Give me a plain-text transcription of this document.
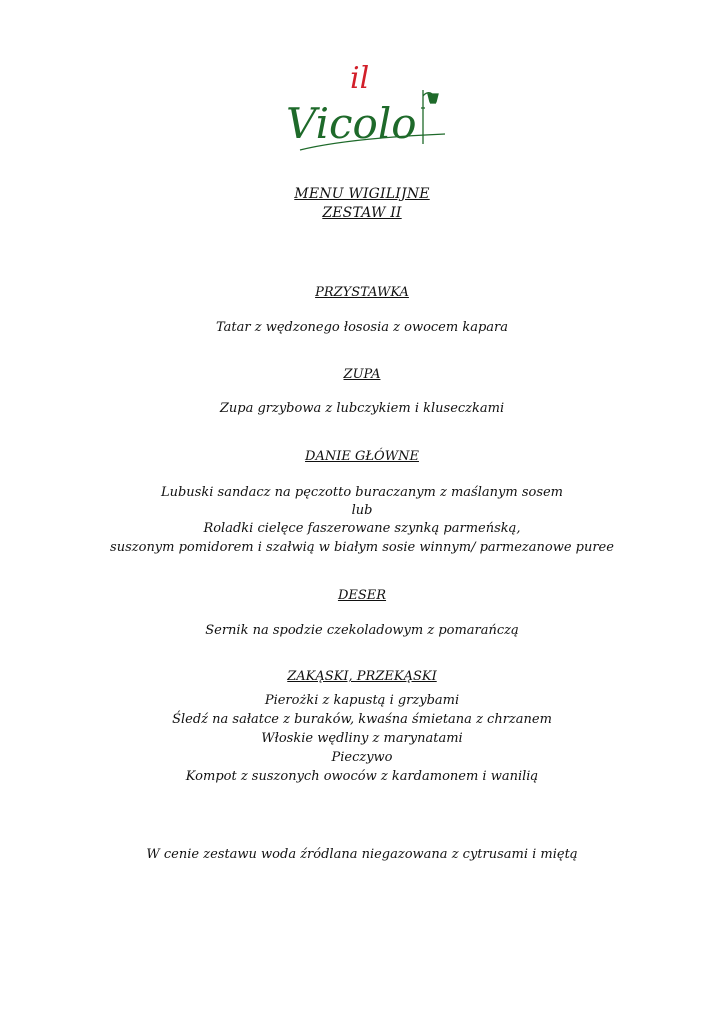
il
Vicolo
MENU WIGILIJNE
ZESTAW II
PRZYSTAWKA
Tatar z wędzonego łososia z owocem kapara
ZUPA
Zupa grzybowa z lubczykiem i kluseczkami
DANIE GŁÓWNE
Lubuski sandacz na pęczotto buraczanym z maślanym sosem
lub
Roladki cielęce faszerowane szynką parmeńską,
suszonym pomidorem i szałwią w białym sosie winnym/ parmezanowe puree
DESER
Sernik na spodzie czekoladowym z pomarańczą
ZAKĄSKI, PRZEKĄSKI
Pierożki z kapustą i grzybami
Śledź na sałatce z buraków, kwaśna śmietana z chrzanem
Włoskie wędliny z marynatami
Pieczywo
Kompot z suszonych owoców z kardamonem i wanilią
W cenie zestawu woda źródlana niegazowana z cytrusami i miętą
